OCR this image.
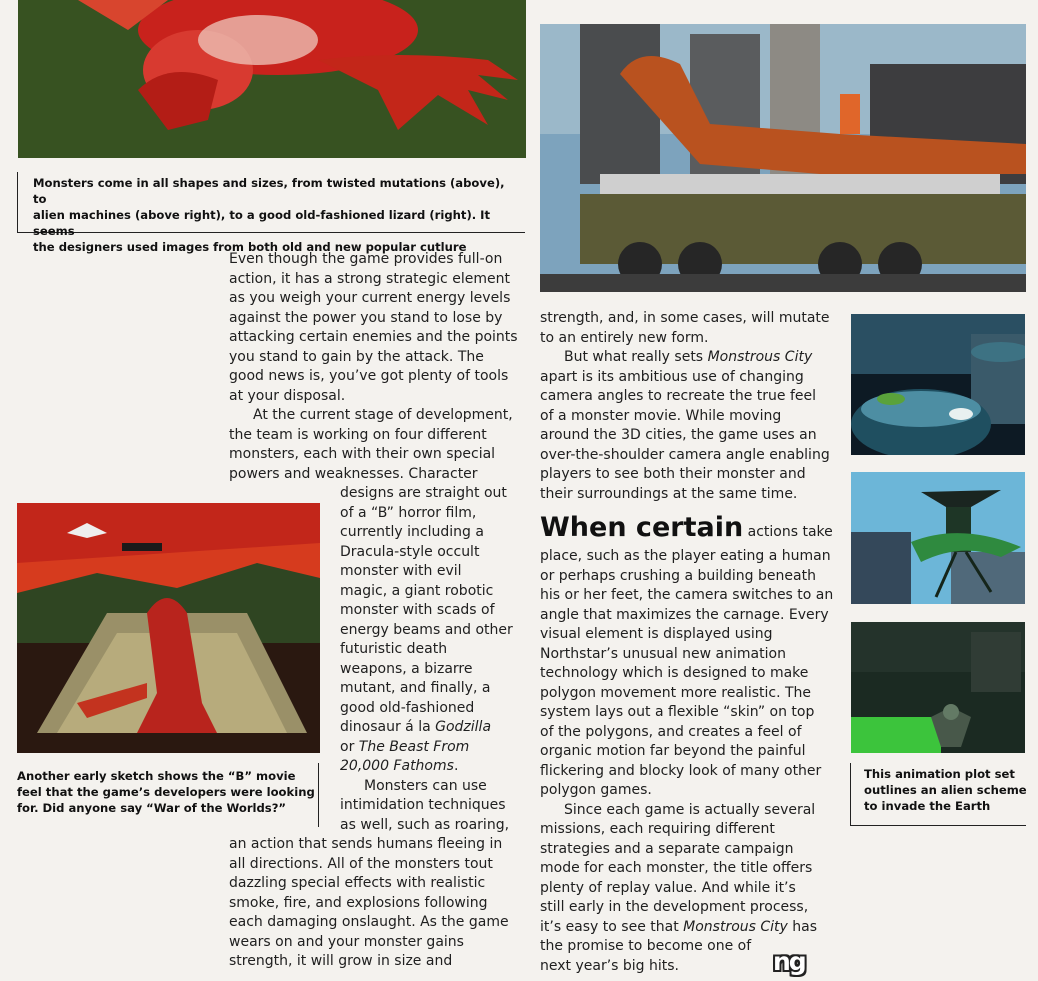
Monsters come in all shapes and sizes, from twisted mutations (above), to
alien machines (above right), to a good old-fashioned lizard (right). It seems
the designers used images from both old and new popular cutlure
Another early sketch shows the “B” movie
feel that the game’s developers were looking
for. Did anyone say “War of the Worlds?”
This animation plot set
outlines an alien scheme
to invade the Earth

Even though the game provides full-on

action, it has a strong strategic element

as you weigh your current energy levels

against the power you stand to lose by

attacking certain enemies and the points

you stand to gain by the attack. The

good news is, you’ve got plenty of tools

at your disposal.

At the current stage of development,

the team is working on four different

monsters, each with their own special

powers and weaknesses. Character

designs are straight out

of a “B” horror film,

currently including a

Dracula-style occult

monster with evil

magic, a giant robotic

monster with scads of

energy beams and other

futuristic death

weapons, a bizarre

mutant, and finally, a

good old-fashioned

dinosaur á la Godzilla

or The Beast From

20,000 Fathoms.

Monsters can use

intimidation techniques

as well, such as roaring,

an action that sends humans fleeing in

all directions. All of the monsters tout

dazzling special effects with realistic

smoke, fire, and explosions following

each damaging onslaught. As the game

wears on and your monster gains

strength, it will grow in size and

strength, and, in some cases, will mutate

to an entirely new form.

But what really sets Monstrous City

apart is its ambitious use of changing

camera angles to recreate the true feel

of a monster movie. While moving

around the 3D cities, the game uses an

over-the-shoulder camera angle enabling

players to see both their monster and

their surroundings at the same time.

When certain actions take

place, such as the player eating a human

or perhaps crushing a building beneath

his or her feet, the camera switches to an

angle that maximizes the carnage. Every

visual element is displayed using

Northstar’s unusual new animation

technology which is designed to make

polygon movement more realistic. The

system lays out a flexible “skin” on top

of the polygons, and creates a feel of

organic motion far beyond the painful

flickering and blocky look of many other

polygon games.

Since each game is actually several

missions, each requiring different

strategies and a separate campaign

mode for each monster, the title offers

plenty of replay value. And while it’s

still early in the development process,

it’s easy to see that Monstrous City has

the promise to become one of

next year’s big hits.	ng
